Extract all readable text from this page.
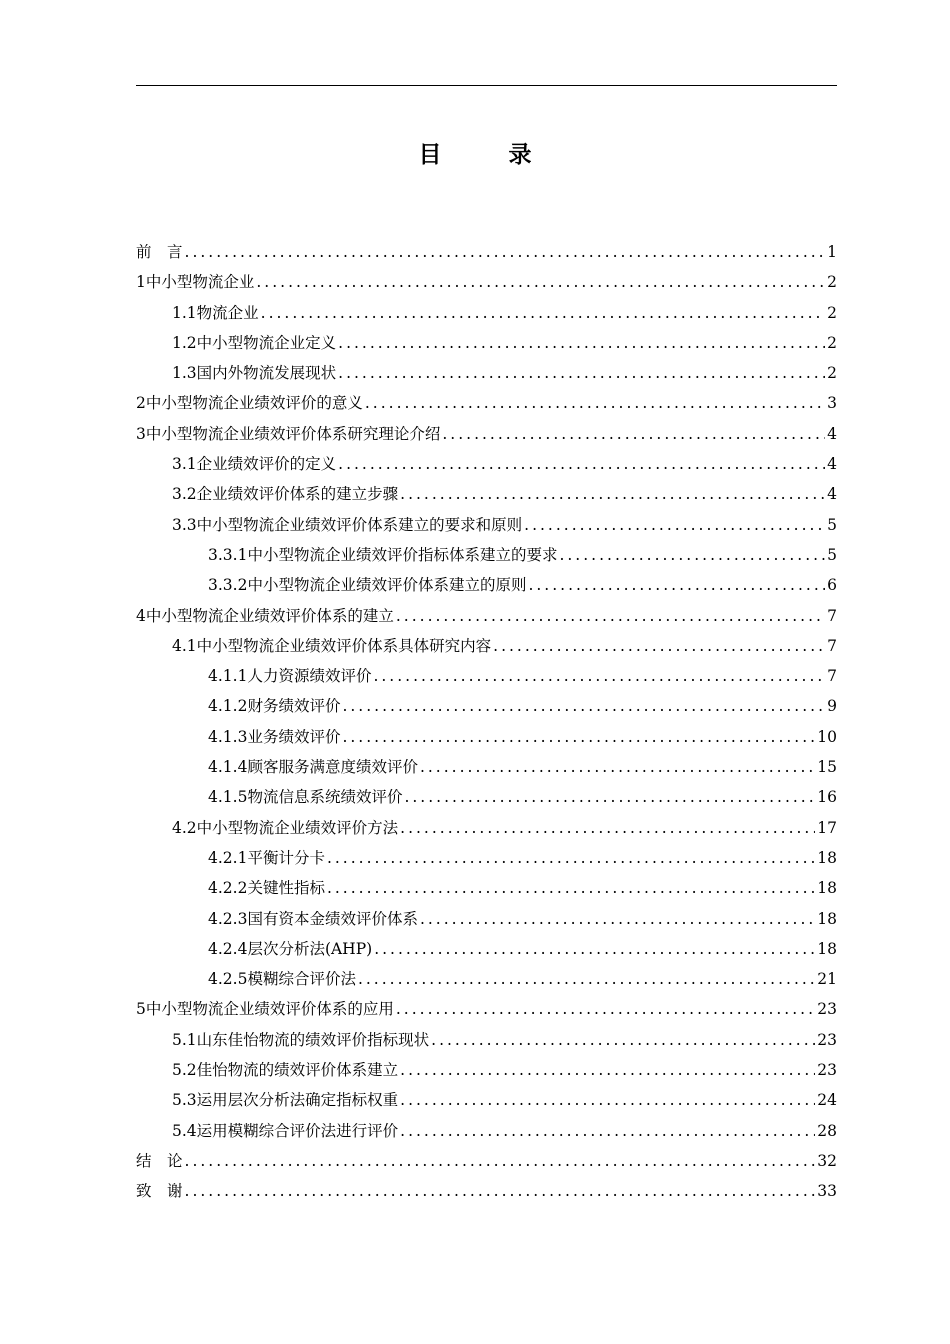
目　录
前　言 .....	1
1中小型物流企业 .....	2
1.1物流企业 .....	2
1.2中小型物流企业定义 .....	2
1.3国内外物流发展现状 .....	2
2中小型物流企业绩效评价的意义 .....	3
3中小型物流企业绩效评价体系研究理论介绍 .....	4
3.1企业绩效评价的定义 .....	4
3.2企业绩效评价体系的建立步骤 .....	4
3.3中小型物流企业绩效评价体系建立的要求和原则 .....	5
3.3.1中小型物流企业绩效评价指标体系建立的要求 .....	5
3.3.2中小型物流企业绩效评价体系建立的原则 .....	6
4中小型物流企业绩效评价体系的建立 .....	7
4.1中小型物流企业绩效评价体系具体研究内容 .....	7
4.1.1人力资源绩效评价 .....	7
4.1.2财务绩效评价 .....	9
4.1.3业务绩效评价 .....	10
4.1.4顾客服务满意度绩效评价 .....	15
4.1.5物流信息系统绩效评价 .....	16
4.2中小型物流企业绩效评价方法 .....	17
4.2.1平衡计分卡 .....	18
4.2.2关键性指标 .....	18
4.2.3国有资本金绩效评价体系 .....	18
4.2.4层次分析法(AHP) .....	18
4.2.5模糊综合评价法 .....	21
5中小型物流企业绩效评价体系的应用 .....	23
5.1山东佳怡物流的绩效评价指标现状 .....	23
5.2佳怡物流的绩效评价体系建立 .....	23
5.3运用层次分析法确定指标权重 .....	24
5.4运用模糊综合评价法进行评价 .....	28
结　论 .....	32
致　谢 .....	33
